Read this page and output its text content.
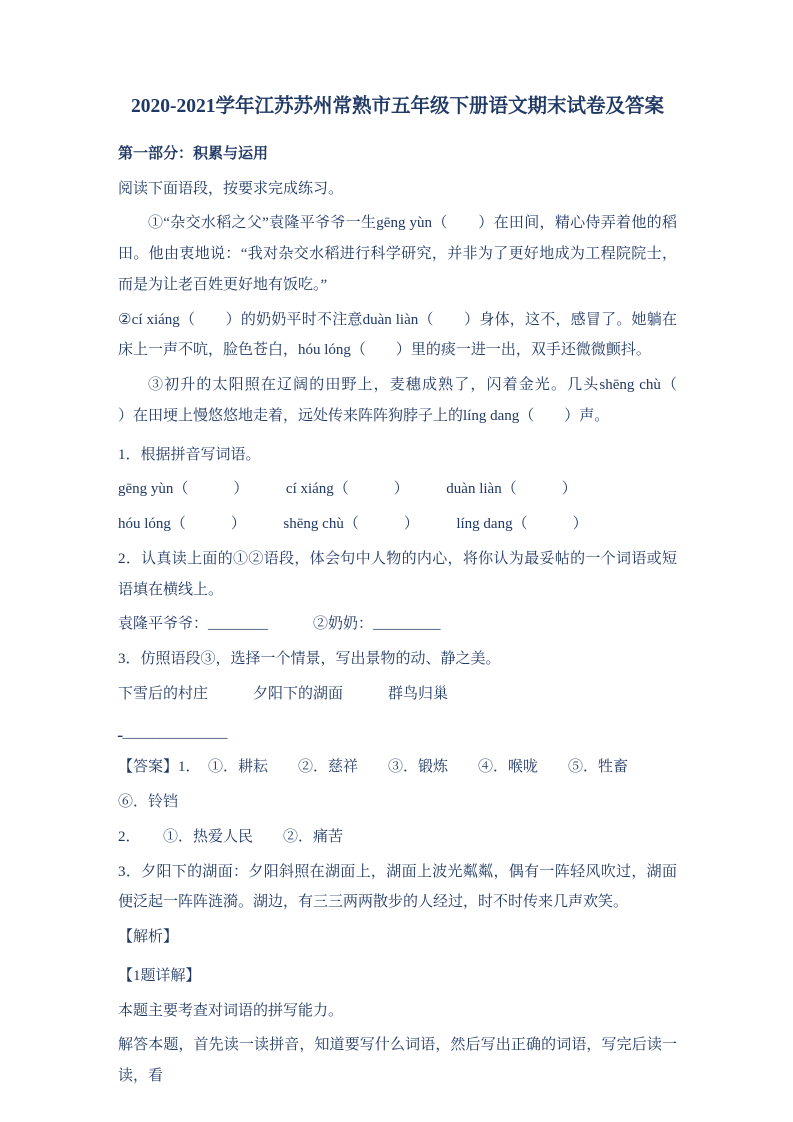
2020-2021学年江苏苏州常熟市五年级下册语文期末试卷及答案

第一部分：积累与运用

阅读下面语段，按要求完成练习。

①“杂交水稻之父”袁隆平爷爷一生gēng yùn（　　）在田间，精心侍弄着他的稻田。他由衷地说：“我对杂交水稻进行科学研究，并非为了更好地成为工程院院士，而是为让老百姓更好地有饭吃。”

②cí xiáng（　　）的奶奶平时不注意duàn liàn（　　）身体，这不，感冒了。她躺在床上一声不吭，脸色苍白，hóu lóng（　　）里的痰一进一出，双手还微微颤抖。

③初升的太阳照在辽阔的田野上，麦穗成熟了，闪着金光。几头shēng chù（　　）在田埂上慢悠悠地走着，远处传来阵阵狗脖子上的líng dang（　　）声。

1．根据拼音写词语。

gēng yùn（　　　）　　　cí xiáng（　　　）　　　duàn liàn（　　　）

hóu lóng（　　　）　　　shēng chù（　　　）　　　líng dang（　　　）

2．认真读上面的①②语段，体会句中人物的内心，将你认为最妥帖的一个词语或短语填在横线上。

袁隆平爷爷：________　　　②奶奶：_________

3．仿照语段③，选择一个情景，写出景物的动、静之美。

下雪后的村庄　　　夕阳下的湖面　　　群鸟归巢

ـ______________

【答案】1．　①．耕耘　　②．慈祥　　③．锻炼　　④．喉咙　　⑤．牲畜

⑥．铃铛

2．　　①．热爱人民　　②．痛苦

3．夕阳下的湖面：夕阳斜照在湖面上，湖面上波光粼粼，偶有一阵轻风吹过，湖面便泛起一阵阵涟漪。湖边，有三三两两散步的人经过，时不时传来几声欢笑。

【解析】

【1题详解】

本题主要考查对词语的拼写能力。

解答本题，首先读一读拼音，知道要写什么词语，然后写出正确的词语，写完后读一读，看
